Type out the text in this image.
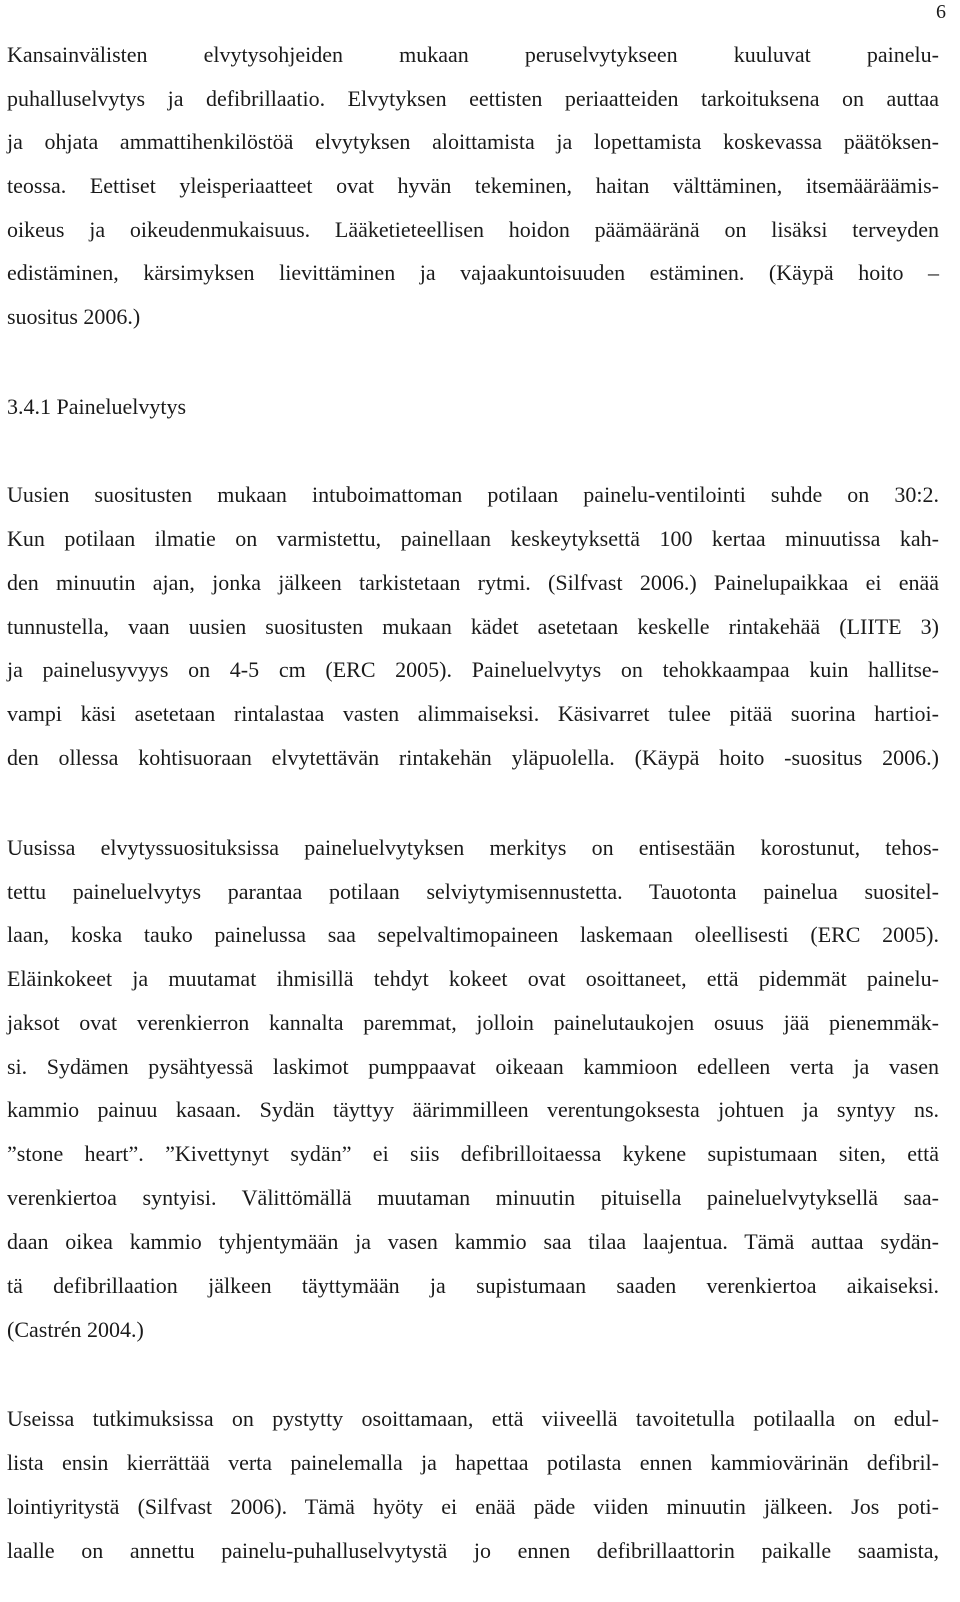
6
Kansainvälisten elvytysohjeiden mukaan peruselvytykseen kuuluvat painelu-
puhalluselvytys ja defibrillaatio. Elvytyksen eettisten periaatteiden tarkoituksena on auttaa
ja ohjata ammattihenkilöstöä elvytyksen aloittamista ja lopettamista koskevassa päätöksen-
teossa. Eettiset yleisperiaatteet ovat hyvän tekeminen, haitan välttäminen, itsemääräämis-
oikeus ja oikeudenmukaisuus. Lääketieteellisen hoidon päämääränä on lisäksi terveyden
edistäminen, kärsimyksen lievittäminen ja vajaakuntoisuuden estäminen. (Käypä hoito –
suositus 2006.)
3.4.1 Paineluelvytys
Uusien suositusten mukaan intuboimattoman potilaan painelu-ventilointi suhde on 30:2.
Kun potilaan ilmatie on varmistettu, painellaan keskeytyksettä 100 kertaa minuutissa kah-
den minuutin ajan, jonka jälkeen tarkistetaan rytmi. (Silfvast 2006.) Painelupaikkaa ei enää
tunnustella, vaan uusien suositusten mukaan kädet asetetaan keskelle rintakehää (LIITE 3)
ja painelusyvyys on 4-5 cm (ERC 2005). Paineluelvytys on tehokkaampaa kuin hallitse-
vampi käsi asetetaan rintalastaa vasten alimmaiseksi. Käsivarret tulee pitää suorina hartioi-
den ollessa kohtisuoraan elvytettävän rintakehän yläpuolella. (Käypä hoito -suositus 2006.)
Uusissa elvytyssuosituksissa paineluelvytyksen merkitys on entisestään korostunut, tehos-
tettu paineluelvytys parantaa potilaan selviytymisennustetta. Tauotonta painelua suositel-
laan, koska tauko painelussa saa sepelvaltimopaineen laskemaan oleellisesti (ERC 2005).
Eläinkokeet ja muutamat ihmisillä tehdyt kokeet ovat osoittaneet, että pidemmät painelu-
jaksot ovat verenkierron kannalta paremmat, jolloin painelutaukojen osuus jää pienemmäk-
si. Sydämen pysähtyessä laskimot pumppaavat oikeaan kammioon edelleen verta ja vasen
kammio painuu kasaan. Sydän täyttyy äärimmilleen verentungoksesta johtuen ja syntyy ns.
”stone heart”. ”Kivettynyt sydän” ei siis defibrilloitaessa kykene supistumaan siten, että
verenkiertoa syntyisi. Välittömällä muutaman minuutin pituisella paineluelvytyksellä saa-
daan oikea kammio tyhjentymään ja vasen kammio saa tilaa laajentua. Tämä auttaa sydän-
tä defibrillaation jälkeen täyttymään ja supistumaan saaden verenkiertoa aikaiseksi.
(Castrén 2004.)
Useissa tutkimuksissa on pystytty osoittamaan, että viiveellä tavoitetulla potilaalla on edul-
lista ensin kierrättää verta painelemalla ja hapettaa potilasta ennen kammiovärinän defibril-
lointiyritystä (Silfvast 2006). Tämä hyöty ei enää päde viiden minuutin jälkeen. Jos poti-
laalle on annettu painelu-puhalluselvytystä jo ennen defibrillaattorin paikalle saamista,
